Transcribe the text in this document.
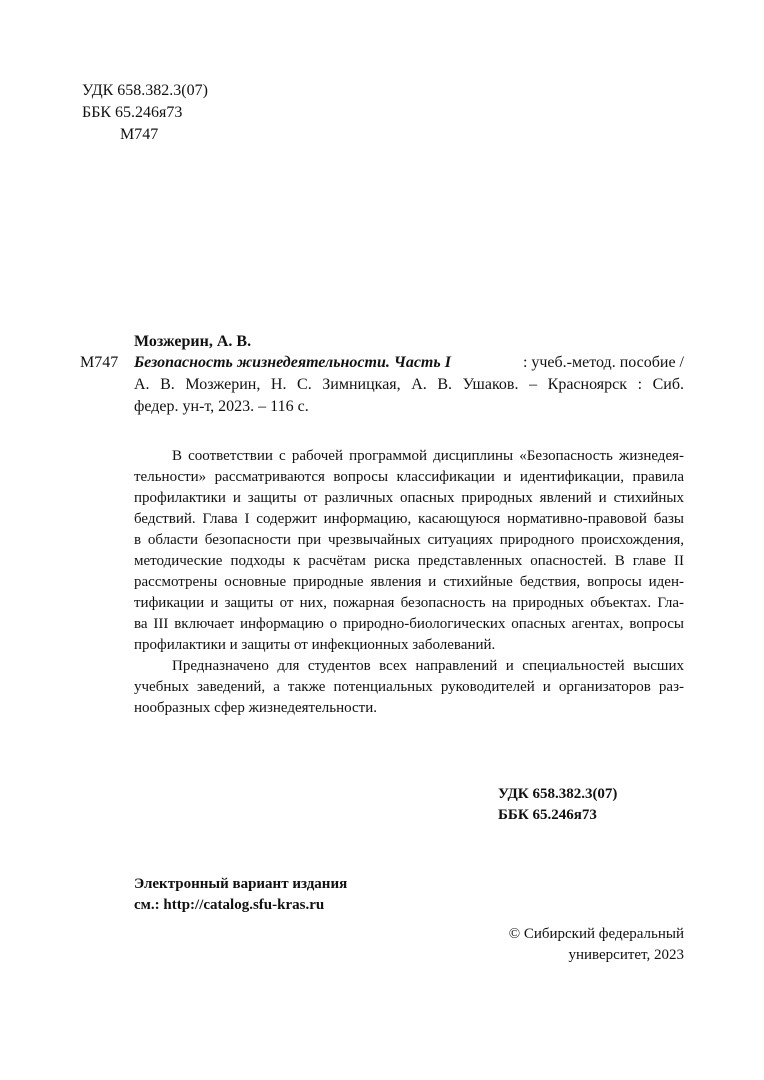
УДК 658.382.3(07)
ББК 65.246я73
М747
Мозжерин, А. В.
М747 Безопасность жизнедеятельности. Часть I	: учеб.-метод. пособие /
А. В. Мозжерин, Н. С. Зимницкая, А. В. Ушаков. – Красноярск : Сиб.
федер. ун-т, 2023. – 116 с.
В соответствии с рабочей программой дисциплины «Безопасность жизнедея-
тельности» рассматриваются вопросы классификации и идентификации, правила
профилактики и защиты от различных опасных природных явлений и стихийных
бедствий. Глава I содержит информацию, касающуюся нормативно-правовой базы
в области безопасности при чрезвычайных ситуациях природного происхождения,
методические подходы к расчётам риска представленных опасностей. В главе II
рассмотрены основные природные явления и стихийные бедствия, вопросы иден-
тификации и защиты от них, пожарная безопасность на природных объектах. Гла-
ва III включает информацию о природно-биологических опасных агентах, вопросы
профилактики и защиты от инфекционных заболеваний.
Предназначено для студентов всех направлений и специальностей высших
учебных заведений, а также потенциальных руководителей и организаторов раз-
нообразных сфер жизнедеятельности.
УДК 658.382.3(07)
ББК 65.246я73
Электронный вариант издания
см.: http://catalog.sfu-kras.ru
© Сибирский федеральный
университет, 2023
